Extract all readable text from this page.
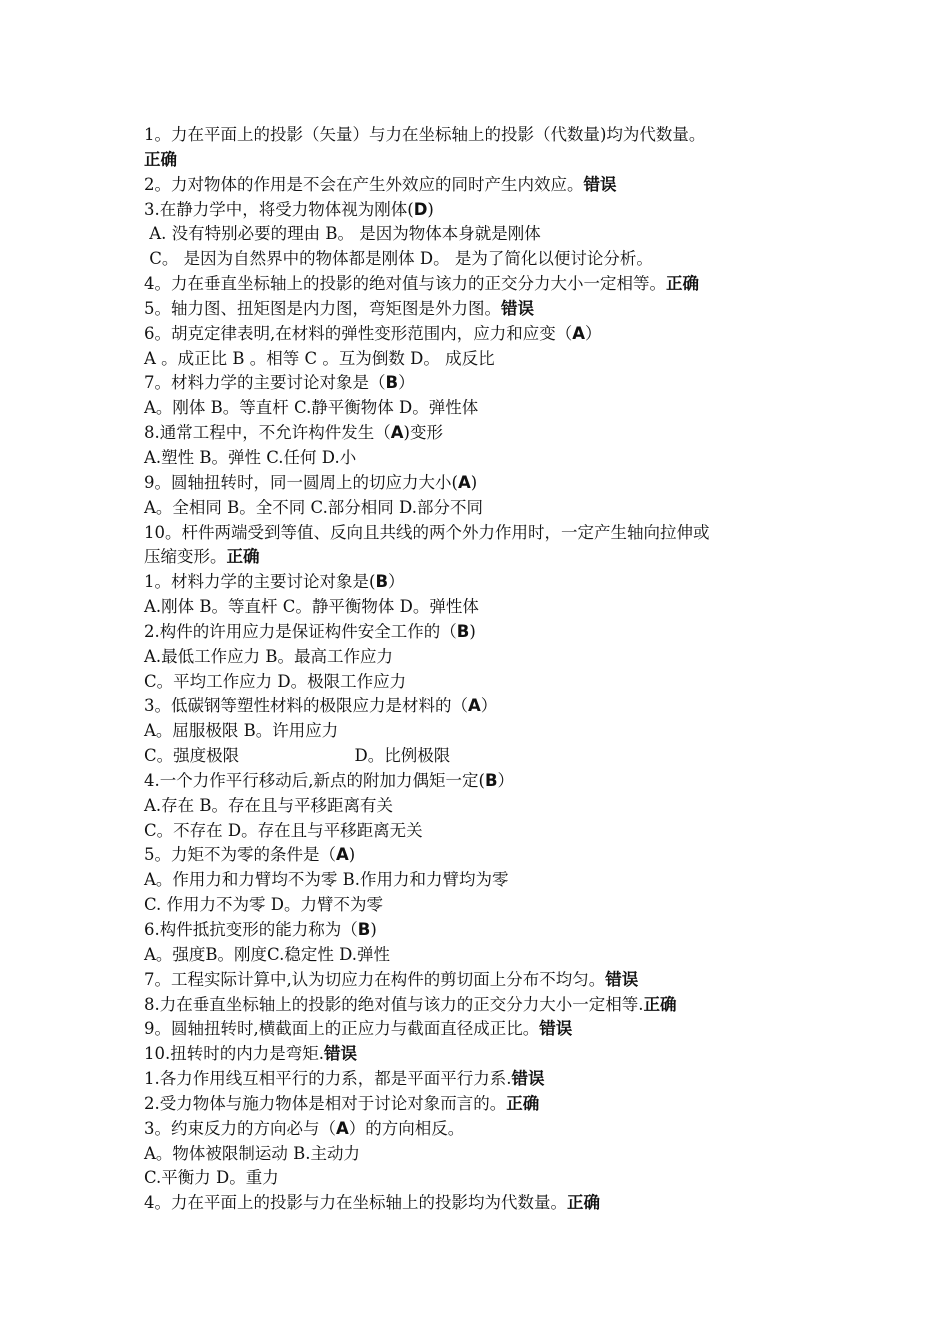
1。力在平面上的投影（矢量）与力在坐标轴上的投影（代数量)均为代数量。
正确
2。力对物体的作用是不会在产生外效应的同时产生内效应。错误
3.在静力学中，将受力物体视为刚体(D)
A. 没有特别必要的理由 B。 是因为物体本身就是刚体
C。 是因为自然界中的物体都是刚体 D。 是为了简化以便讨论分析。
4。力在垂直坐标轴上的投影的绝对值与该力的正交分力大小一定相等。正确
5。轴力图、扭矩图是内力图，弯矩图是外力图。错误
6。胡克定律表明,在材料的弹性变形范围内，应力和应变（A）
A 。成正比 B 。相等 C 。互为倒数 D。 成反比
7。材料力学的主要讨论对象是（B）
A。刚体 B。等直杆 C.静平衡物体 D。弹性体
8.通常工程中，不允许构件发生（A)变形
A.塑性 B。弹性 C.任何 D.小
9。圆轴扭转时，同一圆周上的切应力大小(A)
A。全相同 B。全不同 C.部分相同 D.部分不同
10。杆件两端受到等值、反向且共线的两个外力作用时，一定产生轴向拉伸或
压缩变形。正确
1。材料力学的主要讨论对象是(B）
A.刚体 B。等直杆 C。静平衡物体 D。弹性体
2.构件的许用应力是保证构件安全工作的（B)
A.最低工作应力 B。最高工作应力
C。平均工作应力 D。极限工作应力
3。低碳钢等塑性材料的极限应力是材料的（A）
A。屈服极限 B。许用应力
C。强度极限                      D。比例极限
4.一个力作平行移动后,新点的附加力偶矩一定(B）
A.存在 B。存在且与平移距离有关
C。不存在 D。存在且与平移距离无关
5。力矩不为零的条件是（A)
A。作用力和力臂均不为零 B.作用力和力臂均为零
C. 作用力不为零 D。力臂不为零
6.构件抵抗变形的能力称为（B)
A。强度B。刚度C.稳定性 D.弹性
7。工程实际计算中,认为切应力在构件的剪切面上分布不均匀。错误
8.力在垂直坐标轴上的投影的绝对值与该力的正交分力大小一定相等.正确
9。圆轴扭转时,横截面上的正应力与截面直径成正比。错误
10.扭转时的内力是弯矩.错误
1.各力作用线互相平行的力系，都是平面平行力系.错误
2.受力物体与施力物体是相对于讨论对象而言的。正确
3。约束反力的方向必与（A）的方向相反。
A。物体被限制运动 B.主动力
C.平衡力 D。重力
4。力在平面上的投影与力在坐标轴上的投影均为代数量。正确
